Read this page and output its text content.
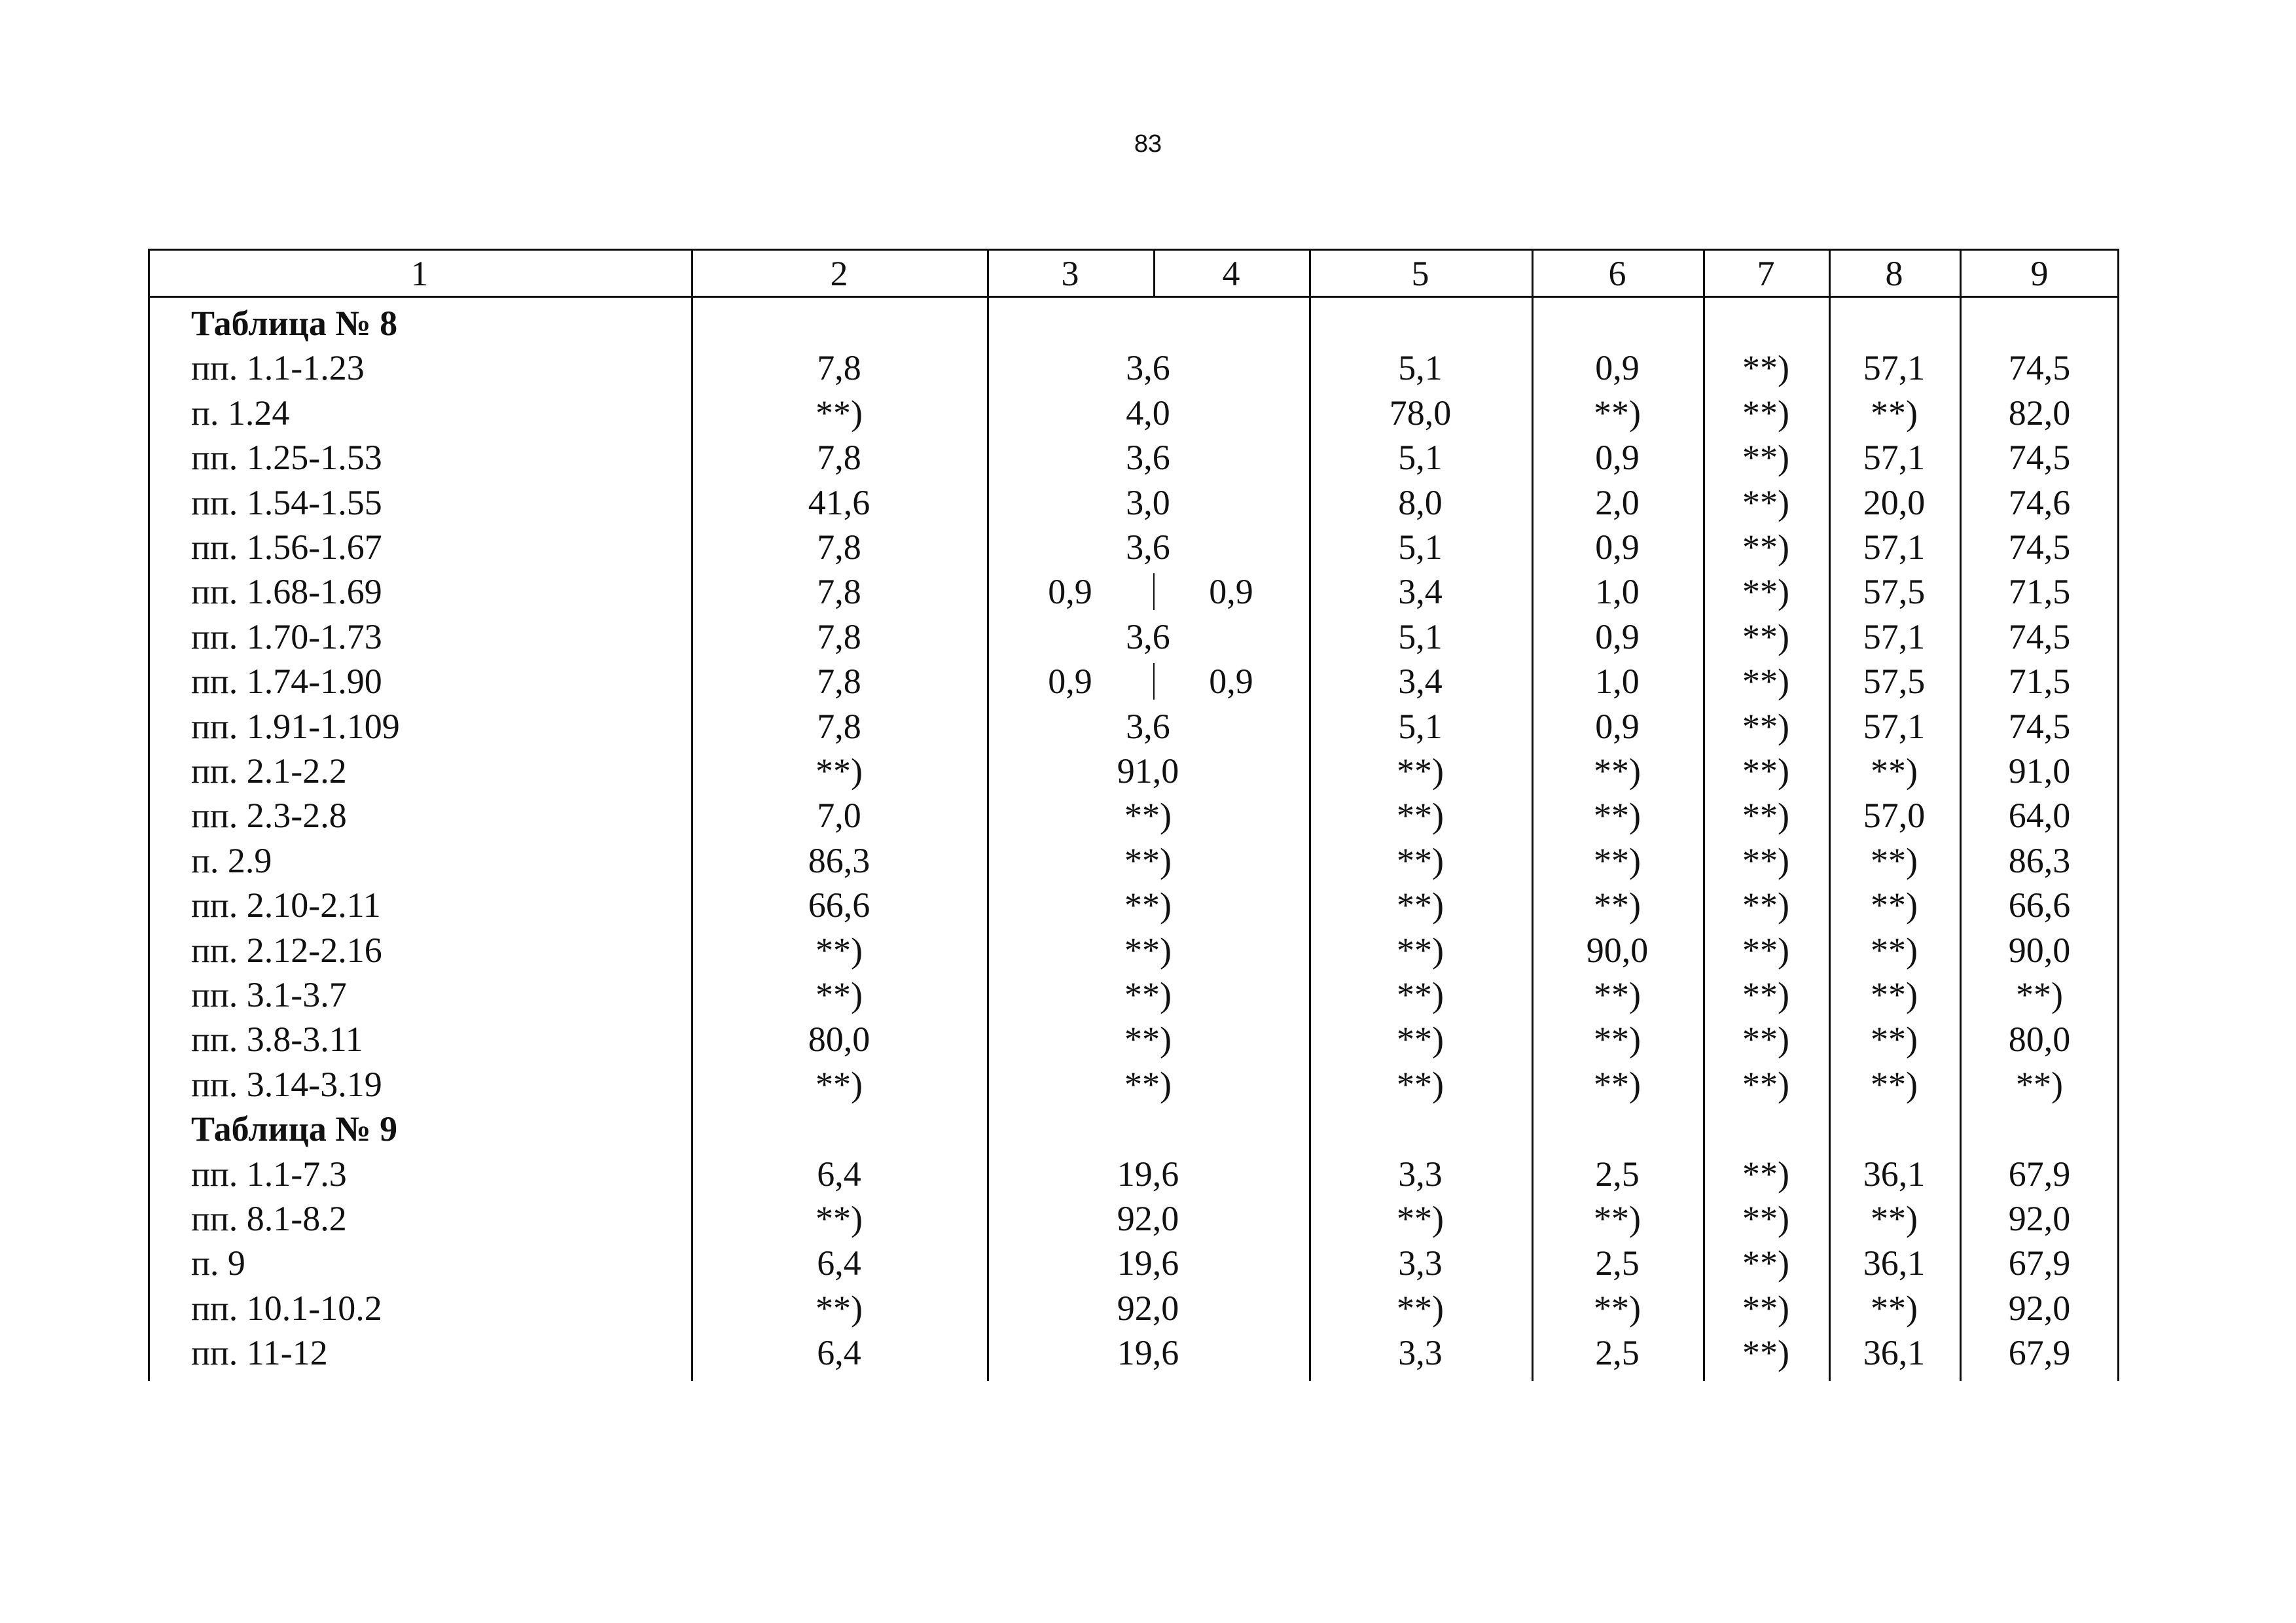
83
1	2	3	4	5	6	7	8	9
Таблица № 8
пп. 1.1-1.23	7,8	3,6	5,1	0,9	**)	57,1	74,5
п. 1.24	**)	4,0	78,0	**)	**)	**)	82,0
пп. 1.25-1.53	7,8	3,6	5,1	0,9	**)	57,1	74,5
пп. 1.54-1.55	41,6	3,0	8,0	2,0	**)	20,0	74,6
пп. 1.56-1.67	7,8	3,6	5,1	0,9	**)	57,1	74,5
пп. 1.68-1.69	7,8	0,9	0,9	3,4	1,0	**)	57,5	71,5
пп. 1.70-1.73	7,8	3,6	5,1	0,9	**)	57,1	74,5
пп. 1.74-1.90	7,8	0,9	0,9	3,4	1,0	**)	57,5	71,5
пп. 1.91-1.109	7,8	3,6	5,1	0,9	**)	57,1	74,5
пп. 2.1-2.2	**)	91,0	**)	**)	**)	**)	91,0
пп. 2.3-2.8	7,0	**)	**)	**)	**)	57,0	64,0
п. 2.9	86,3	**)	**)	**)	**)	**)	86,3
пп. 2.10-2.11	66,6	**)	**)	**)	**)	**)	66,6
пп. 2.12-2.16	**)	**)	**)	90,0	**)	**)	90,0
пп. 3.1-3.7	**)	**)	**)	**)	**)	**)	**)
пп. 3.8-3.11	80,0	**)	**)	**)	**)	**)	80,0
пп. 3.14-3.19	**)	**)	**)	**)	**)	**)	**)
Таблица № 9
пп. 1.1-7.3	6,4	19,6	3,3	2,5	**)	36,1	67,9
пп. 8.1-8.2	**)	92,0	**)	**)	**)	**)	92,0
п. 9	6,4	19,6	3,3	2,5	**)	36,1	67,9
пп. 10.1-10.2	**)	92,0	**)	**)	**)	**)	92,0
пп. 11-12	6,4	19,6	3,3	2,5	**)	36,1	67,9
